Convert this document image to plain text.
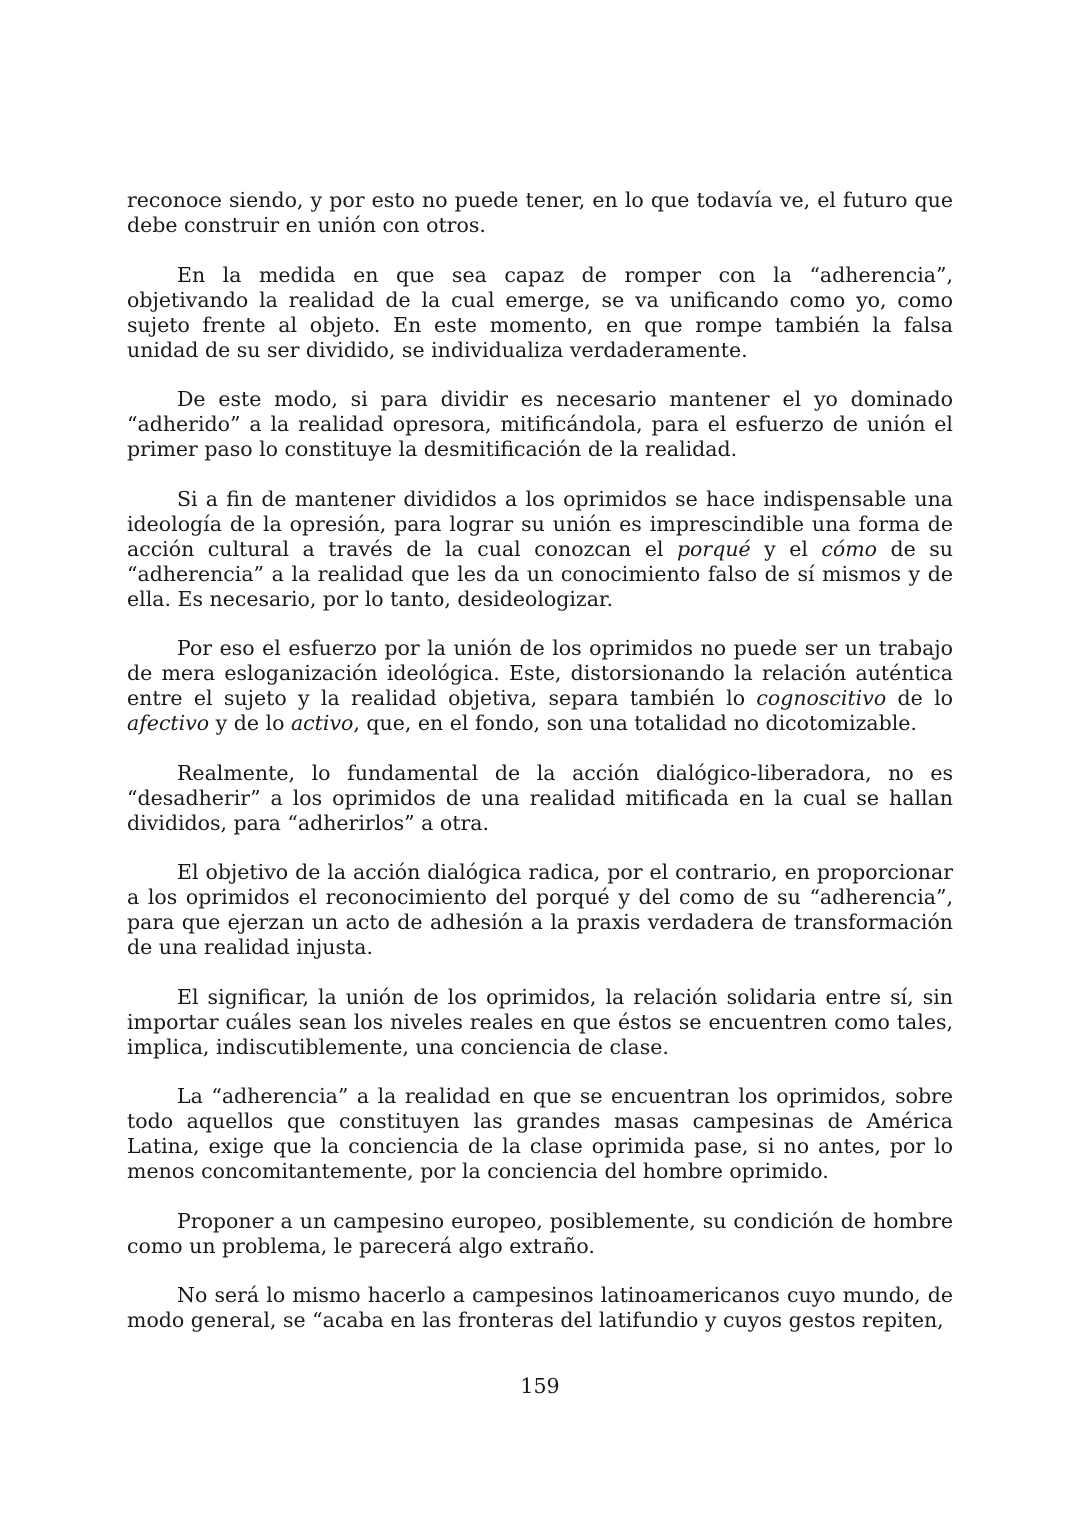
reconoce siendo, y por esto no puede tener, en lo que todavía ve, el futuro que debe construir en unión con otros.

En la medida en que sea capaz de romper con la “adherencia”, objetivando la realidad de la cual emerge, se va unificando como yo, como sujeto frente al objeto. En este momento, en que rompe también la falsa unidad de su ser dividido, se individualiza verdaderamente.

De este modo, si para dividir es necesario mantener el yo dominado “adherido” a la realidad opresora, mitificándola, para el esfuerzo de unión el primer paso lo constituye la desmitificación de la realidad.

Si a fin de mantener divididos a los oprimidos se hace indispensable una ideología de la opresión, para lograr su unión es imprescindible una forma de acción cultural a través de la cual conozcan el porqué y el cómo de su “adherencia” a la realidad que les da un conocimiento falso de sí mismos y de ella. Es necesario, por lo tanto, desideologizar.

Por eso el esfuerzo por la unión de los oprimidos no puede ser un trabajo de mera esloganización ideológica. Este, distorsionando la relación auténtica entre el sujeto y la realidad objetiva, separa también lo cognoscitivo de lo afectivo y de lo activo, que, en el fondo, son una totalidad no dicotomizable.

Realmente, lo fundamental de la acción dialógico-liberadora, no es “desadherir” a los oprimidos de una realidad mitificada en la cual se hallan divididos, para “adherirlos” a otra.

El objetivo de la acción dialógica radica, por el contrario, en proporcionar a los oprimidos el reconocimiento del porqué y del como de su “adherencia”, para que ejerzan un acto de adhesión a la praxis verdadera de transformación de una realidad injusta.

El significar, la unión de los oprimidos, la relación solidaria entre sí, sin importar cuáles sean los niveles reales en que éstos se encuentren como tales, implica, indiscutiblemente, una conciencia de clase.

La “adherencia” a la realidad en que se encuentran los oprimidos, sobre todo aquellos que constituyen las grandes masas campesinas de América Latina, exige que la conciencia de la clase oprimida pase, si no antes, por lo menos concomitantemente, por la conciencia del hombre oprimido.

Proponer a un campesino europeo, posiblemente, su condición de hombre como un problema, le parecerá algo extraño.

No será lo mismo hacerlo a campesinos latinoamericanos cuyo mundo, de modo general, se “acaba en las fronteras del latifundio y cuyos gestos repiten,

159
